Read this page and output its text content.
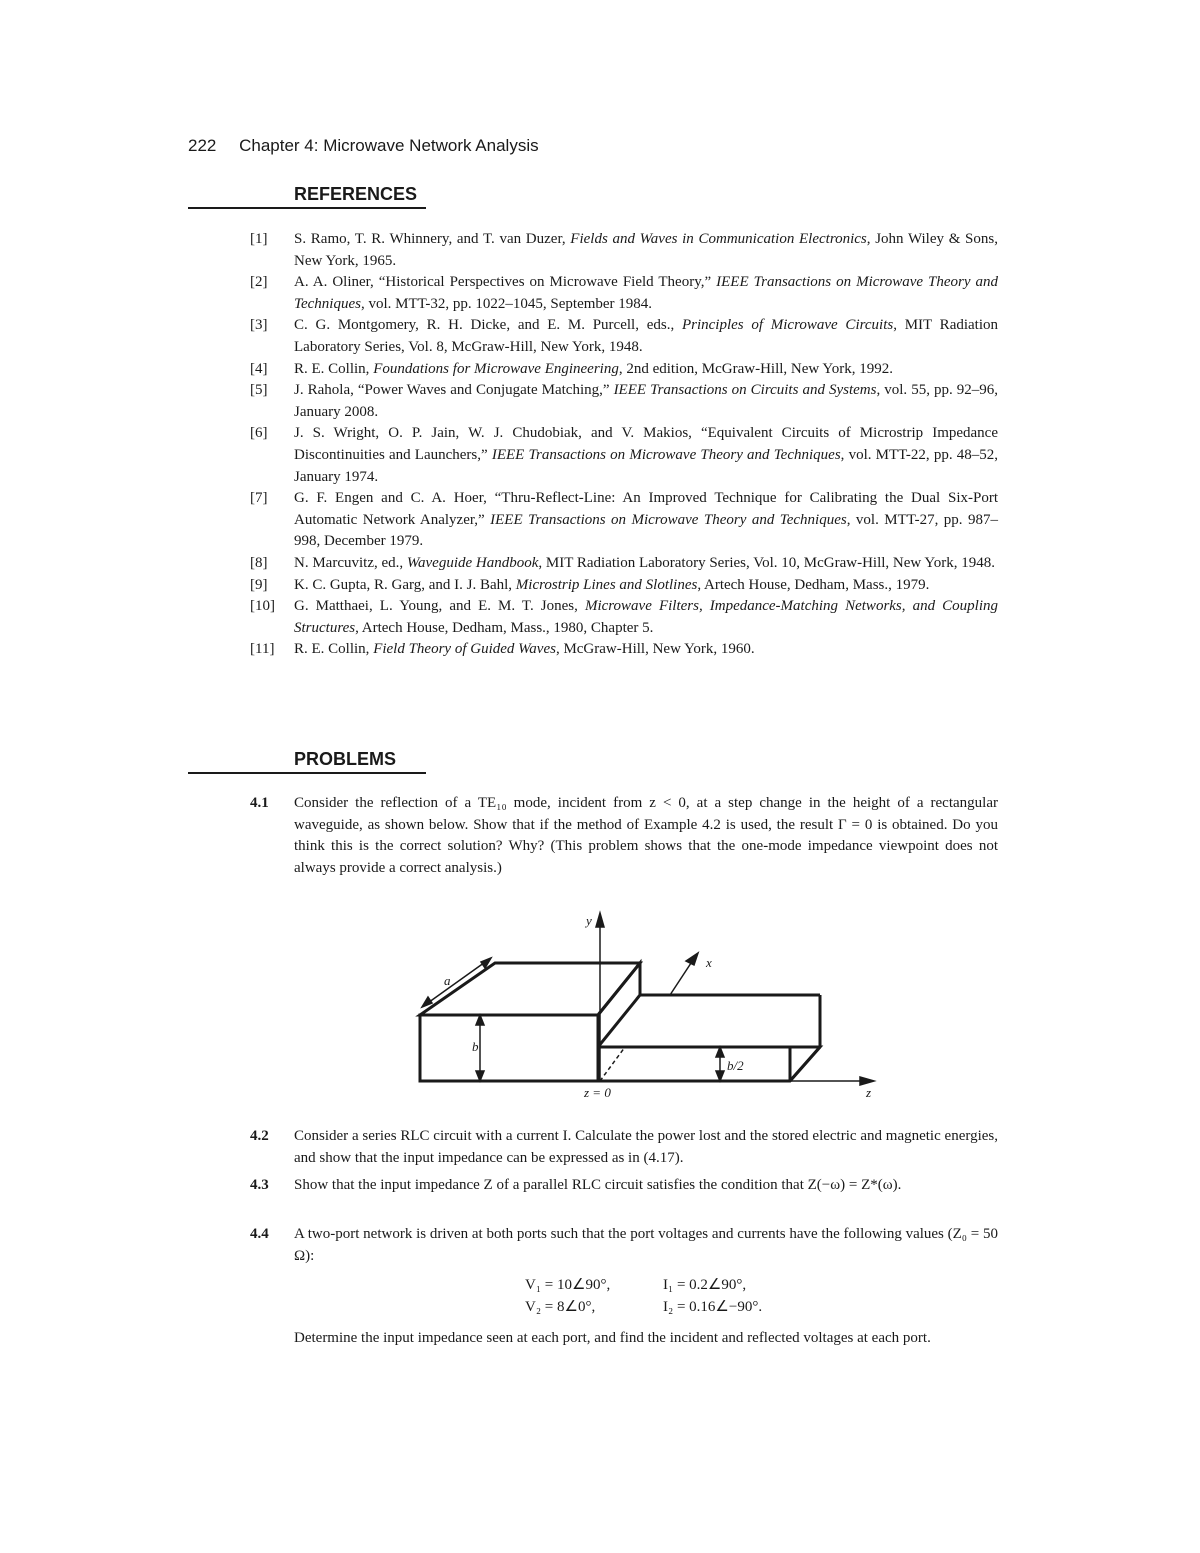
222 Chapter 4: Microwave Network Analysis
REFERENCES
[1]	S. Ramo, T. R. Whinnery, and T. van Duzer, Fields and Waves in Communication Electronics, John Wiley & Sons, New York, 1965.
[2]	A. A. Oliner, “Historical Perspectives on Microwave Field Theory,” IEEE Transactions on Microwave Theory and Techniques, vol. MTT-32, pp. 1022–1045, September 1984.
[3]	C. G. Montgomery, R. H. Dicke, and E. M. Purcell, eds., Principles of Microwave Circuits, MIT Radiation Laboratory Series, Vol. 8, McGraw-Hill, New York, 1948.
[4]	R. E. Collin, Foundations for Microwave Engineering, 2nd edition, McGraw-Hill, New York, 1992.
[5]	J. Rahola, “Power Waves and Conjugate Matching,” IEEE Transactions on Circuits and Systems, vol. 55, pp. 92–96, January 2008.
[6]	J. S. Wright, O. P. Jain, W. J. Chudobiak, and V. Makios, “Equivalent Circuits of Microstrip Impedance Discontinuities and Launchers,” IEEE Transactions on Microwave Theory and Techniques, vol. MTT-22, pp. 48–52, January 1974.
[7]	G. F. Engen and C. A. Hoer, “Thru-Reflect-Line: An Improved Technique for Calibrating the Dual Six-Port Automatic Network Analyzer,” IEEE Transactions on Microwave Theory and Techniques, vol. MTT-27, pp. 987–998, December 1979.
[8]	N. Marcuvitz, ed., Waveguide Handbook, MIT Radiation Laboratory Series, Vol. 10, McGraw-Hill, New York, 1948.
[9]	K. C. Gupta, R. Garg, and I. J. Bahl, Microstrip Lines and Slotlines, Artech House, Dedham, Mass., 1979.
[10]	G. Matthaei, L. Young, and E. M. T. Jones, Microwave Filters, Impedance-Matching Networks, and Coupling Structures, Artech House, Dedham, Mass., 1980, Chapter 5.
[11]	R. E. Collin, Field Theory of Guided Waves, McGraw-Hill, New York, 1960.
PROBLEMS
4.1	Consider the reflection of a TE₁₀ mode, incident from z < 0, at a step change in the height of a rectangular waveguide, as shown below. Show that if the method of Example 4.2 is used, the result Γ = 0 is obtained. Do you think this is the correct solution? Why? (This problem shows that the one-mode impedance viewpoint does not always provide a correct analysis.)
y
x
z
a
b
b/2
z = 0
4.2	Consider a series RLC circuit with a current I. Calculate the power lost and the stored electric and magnetic energies, and show that the input impedance can be expressed as in (4.17).
4.3	Show that the input impedance Z of a parallel RLC circuit satisfies the condition that Z(−ω) = Z*(ω).
4.4	A two-port network is driven at both ports such that the port voltages and currents have the following values (Z₀ = 50 Ω):
V₁ = 10∠90°,	I₁ = 0.2∠90°,
V₂ = 8∠0°,	I₂ = 0.16∠−90°.
Determine the input impedance seen at each port, and find the incident and reflected voltages at each port.
